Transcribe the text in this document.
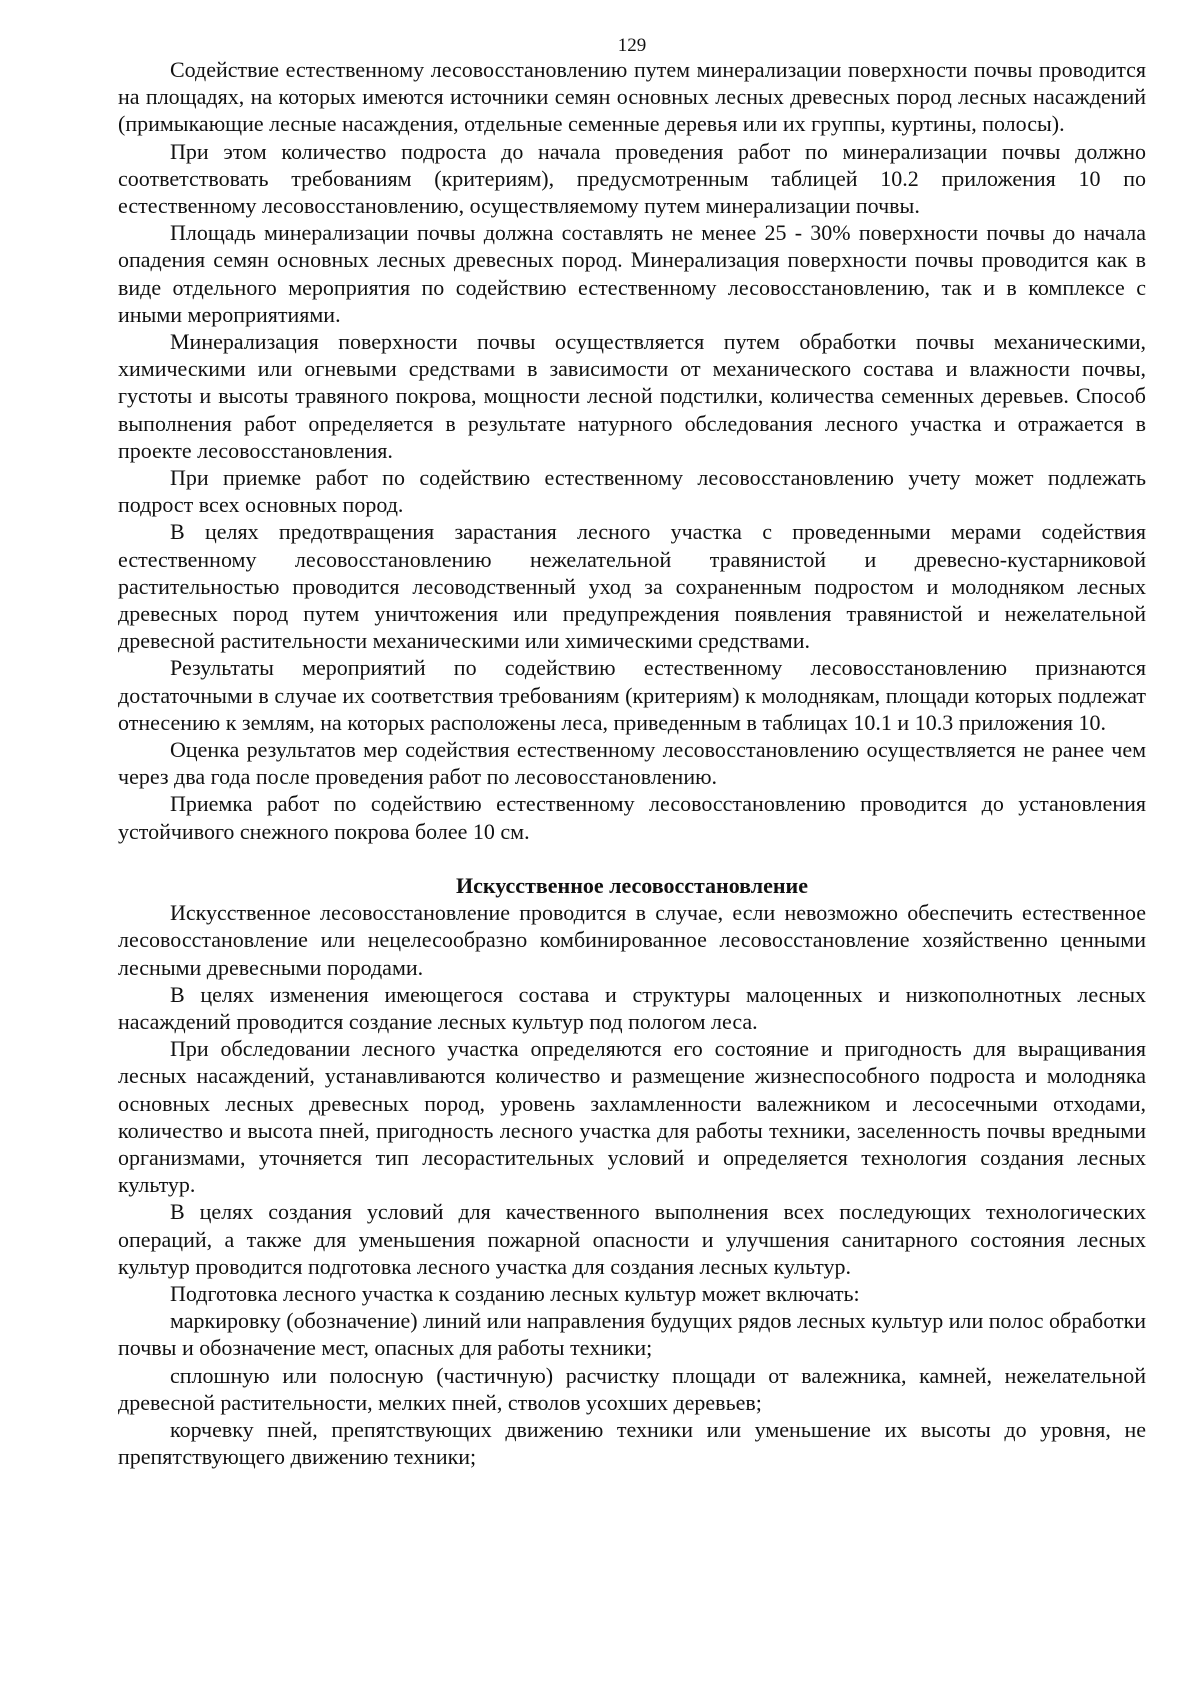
129

Содействие естественному лесовосстановлению путем минерализации поверхности почвы проводится на площадях, на которых имеются источники семян основных лесных древесных пород лесных насаждений (примыкающие лесные насаждения, отдельные семенные деревья или их группы, куртины, полосы).

При этом количество подроста до начала проведения работ по минерализации почвы должно соответствовать требованиям (критериям), предусмотренным таблицей 10.2 приложения 10 по естественному лесовосстановлению, осуществляемому путем минерализации почвы.

Площадь минерализации почвы должна составлять не менее 25 - 30% поверхности почвы до начала опадения семян основных лесных древесных пород. Минерализация поверхности почвы проводится как в виде отдельного мероприятия по содействию естественному лесовосстановлению, так и в комплексе с иными мероприятиями.

Минерализация поверхности почвы осуществляется путем обработки почвы механическими, химическими или огневыми средствами в зависимости от механического состава и влажности почвы, густоты и высоты травяного покрова, мощности лесной подстилки, количества семенных деревьев. Способ выполнения работ определяется в результате натурного обследования лесного участка и отражается в проекте лесовосстановления.

При приемке работ по содействию естественному лесовосстановлению учету может подлежать подрост всех основных пород.

В целях предотвращения зарастания лесного участка с проведенными мерами содействия естественному лесовосстановлению нежелательной травянистой и древесно-кустарниковой растительностью проводится лесоводственный уход за сохраненным подростом и молодняком лесных древесных пород путем уничтожения или предупреждения появления травянистой и нежелательной древесной растительности механическими или химическими средствами.

Результаты мероприятий по содействию естественному лесовосстановлению признаются достаточными в случае их соответствия требованиям (критериям) к молоднякам, площади которых подлежат отнесению к землям, на которых расположены леса, приведенным в таблицах 10.1 и 10.3 приложения 10.

Оценка результатов мер содействия естественному лесовосстановлению осуществляется не ранее чем через два года после проведения работ по лесовосстановлению.

Приемка работ по содействию естественному лесовосстановлению проводится до установления устойчивого снежного покрова более 10 см.

Искусственное лесовосстановление

Искусственное лесовосстановление проводится в случае, если невозможно обеспечить естественное лесовосстановление или нецелесообразно комбинированное лесовосстановление хозяйственно ценными лесными древесными породами.

В целях изменения имеющегося состава и структуры малоценных и низкополнотных лесных насаждений проводится создание лесных культур под пологом леса.

При обследовании лесного участка определяются его состояние и пригодность для выращивания лесных насаждений, устанавливаются количество и размещение жизнеспособного подроста и молодняка основных лесных древесных пород, уровень захламленности валежником и лесосечными отходами, количество и высота пней, пригодность лесного участка для работы техники, заселенность почвы вредными организмами, уточняется тип лесорастительных условий и определяется технология создания лесных культур.

В целях создания условий для качественного выполнения всех последующих технологических операций, а также для уменьшения пожарной опасности и улучшения санитарного состояния лесных культур проводится подготовка лесного участка для создания лесных культур.

Подготовка лесного участка к созданию лесных культур может включать:

маркировку (обозначение) линий или направления будущих рядов лесных культур или полос обработки почвы и обозначение мест, опасных для работы техники;

сплошную или полосную (частичную) расчистку площади от валежника, камней, нежелательной древесной растительности, мелких пней, стволов усохших деревьев;

корчевку пней, препятствующих движению техники или уменьшение их высоты до уровня, не препятствующего движению техники;
